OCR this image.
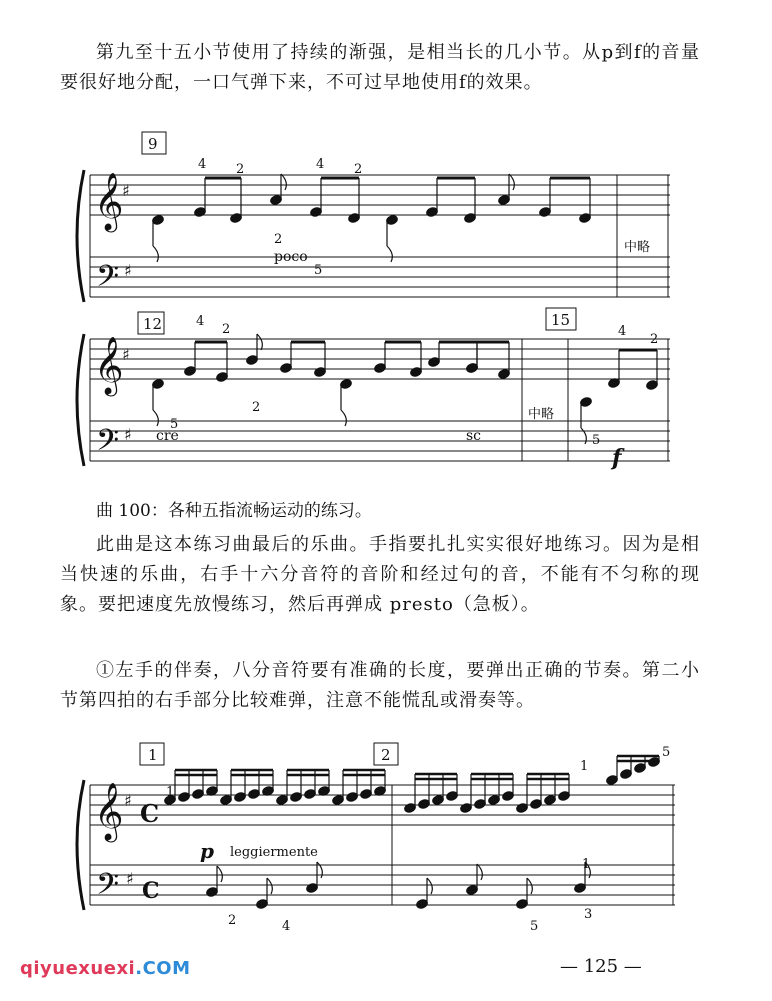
第九至十五小节使用了持续的渐强，是相当长的几小节。从p到f的音量要很好地分配，一口气弹下来，不可过早地使用f的效果。

𝄞
𝄢
♯
♯
𝄞
𝄢
♯
♯
𝄞
𝄢
♯
♯
C
C
9
12	15
1	2
4 2	4 2
2
5
4
2
5
2
4
2
5
1
1
5
2	4	5
1
3
poco
cre	sc
leggiermente
中略
中略
f
p
曲 100：各种五指流畅运动的练习。

此曲是这本练习曲最后的乐曲。手指要扎扎实实很好地练习。因为是相当快速的乐曲，右手十六分音符的音阶和经过句的音，不能有不匀称的现象。要把速度先放慢练习，然后再弹成 presto（急板）。

①左手的伴奏，八分音符要有准确的长度，要弹出正确的节奏。第二小节第四拍的右手部分比较难弹，注意不能慌乱或滑奏等。

qiyuexuexi.COM	— 125 —
